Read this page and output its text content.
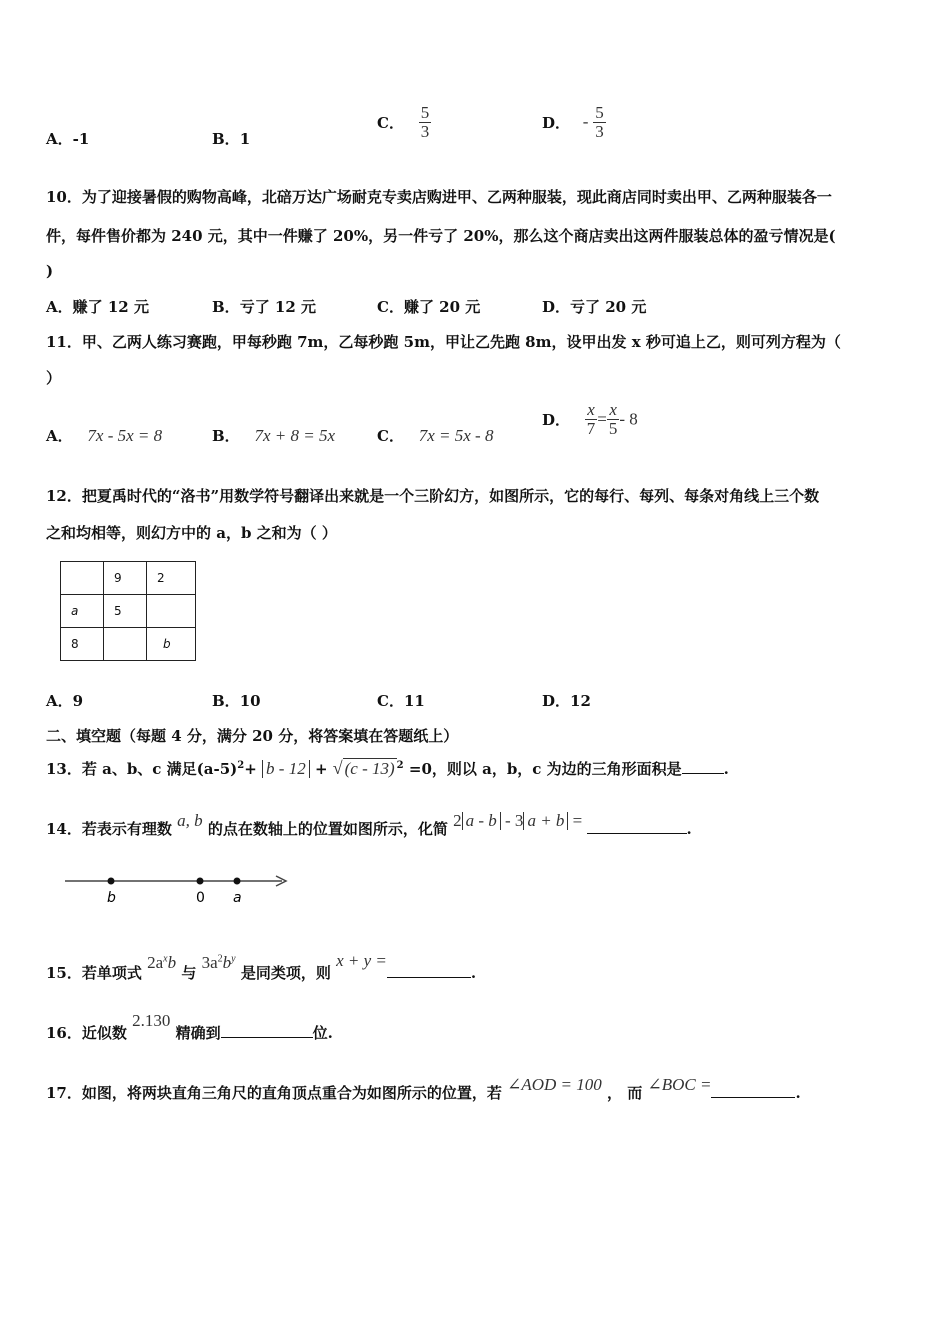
A．-1	B．1
C． $\frac{5}{3}$	D． - $\frac{5}{3}$
10．为了迎接暑假的购物高峰，北碚万达广场耐克专卖店购进甲、乙两种服装，现此商店同时卖出甲、乙两种服装各一
件，每件售价都为 240 元，其中一件赚了 20%，另一件亏了 20%，那么这个商店卖出这两件服装总体的盈亏情况是(
)
A．赚了 12 元	B．亏了 12 元	C．赚了 20 元	D．亏了 20 元
11．甲、乙两人练习赛跑，甲每秒跑 7m，乙每秒跑 5m，甲让乙先跑 8m，设甲出发 x 秒可追上乙，则可列方程为（
）
A． 7x - 5x = 8	B． 7x + 8 = 5x	C． 7x = 5x - 8
D． $\frac{x}{7} = \frac{x}{5} - 8$
12．把夏禹时代的“洛书”用数学符号翻译出来就是一个三阶幻方，如图所示，它的每行、每列、每条对角线上三个数
之和均相等，则幻方中的 a，b 之和为（ ）
	9	2
a	5	
8		b
A．9	B．10	C．11	D．12
二、填空题（每题 4 分，满分 20 分，将答案填在答题纸上）
13．若 a、b、c 满足$(a-5)^2+ b - 12$ + √ (c - 13) $^2$ =0，则以 a，b，c 为边的三角形面积是	.
14．若表示有理数 a, b 的点在数轴上的位置如图所示，化简 2 a - b - 3 a + b =	.
b	0 a
15．若单项式 $2a^xb$ 与 $3a^2b^y$ 是同类项，则 x + y =.
16．近似数 2.130 精确到	位.
17．如图，将两块直角三角尺的直角顶点重合为如图所示的位置，若 ∠AOD = 100 ， 而 ∠BOC =	.
